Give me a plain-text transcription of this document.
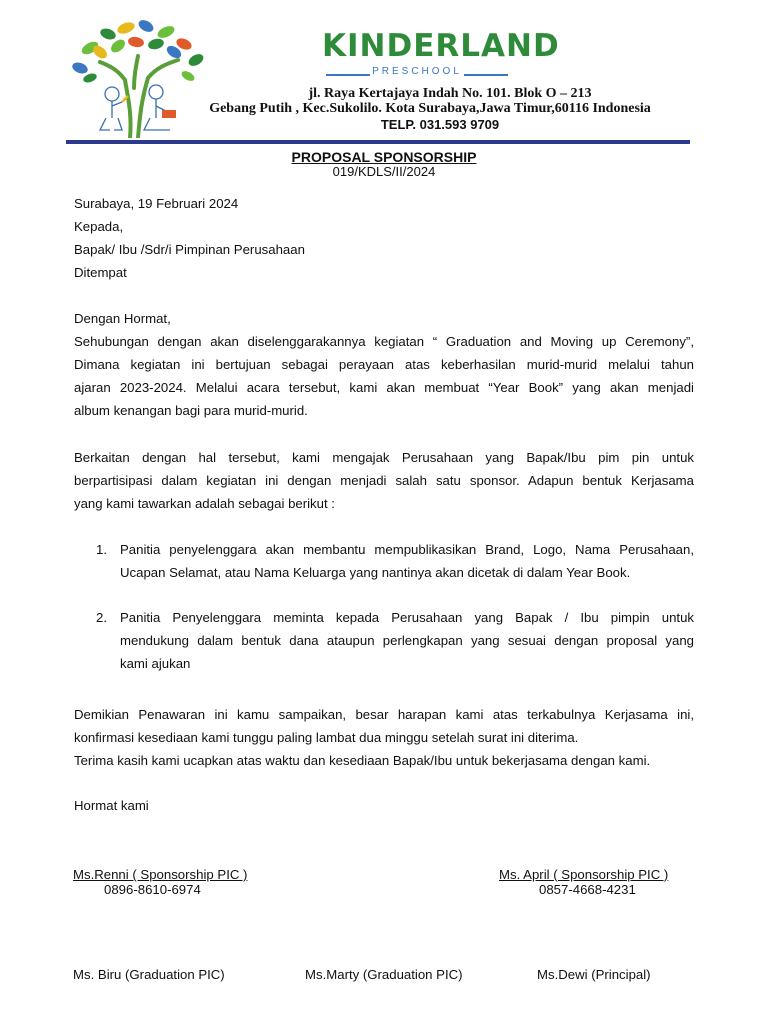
KINDERLAND
PRESCHOOL
jl. Raya Kertajaya Indah No. 101. Blok O – 213
Gebang Putih , Kec.Sukolilo. Kota Surabaya,Jawa Timur,60116 Indonesia
TELP. 031.593 9709
PROPOSAL SPONSORSHIP
019/KDLS/II/2024
Surabaya, 19 Februari 2024
Kepada,
Bapak/ Ibu /Sdr/i Pimpinan Perusahaan
Ditempat
Dengan Hormat,
Sehubungan dengan akan diselenggarakannya kegiatan “ Graduation and Moving up Ceremony”,
Dimana kegiatan ini bertujuan sebagai perayaan atas keberhasilan murid-murid melalui tahun
ajaran 2023-2024. Melalui acara tersebut, kami akan membuat “Year Book” yang akan menjadi
album kenangan bagi para murid-murid.
Berkaitan dengan hal tersebut, kami mengajak Perusahaan yang Bapak/Ibu pim pin untuk
berpartisipasi dalam kegiatan ini dengan menjadi salah satu sponsor. Adapun bentuk Kerjasama
yang kami tawarkan adalah sebagai berikut :
1. Panitia penyelenggara akan membantu mempublikasikan Brand, Logo, Nama Perusahaan,
Ucapan Selamat, atau Nama Keluarga yang nantinya akan dicetak di dalam Year Book.
2. Panitia Penyelenggara meminta kepada Perusahaan yang Bapak / Ibu pimpin untuk
mendukung dalam bentuk dana ataupun perlengkapan yang sesuai dengan proposal yang
kami ajukan
Demikian Penawaran ini kamu sampaikan, besar harapan kami atas terkabulnya Kerjasama ini,
konfirmasi kesediaan kami tunggu paling lambat dua minggu setelah surat ini diterima.
Terima kasih kami ucapkan atas waktu dan kesediaan Bapak/Ibu untuk bekerjasama dengan kami.
Hormat kami
Ms.Renni ( Sponsorship PIC )
0896-8610-6974
Ms. April ( Sponsorship PIC )
0857-4668-4231
Ms. Biru (Graduation PIC)	Ms.Marty (Graduation PIC)	Ms.Dewi (Principal)
